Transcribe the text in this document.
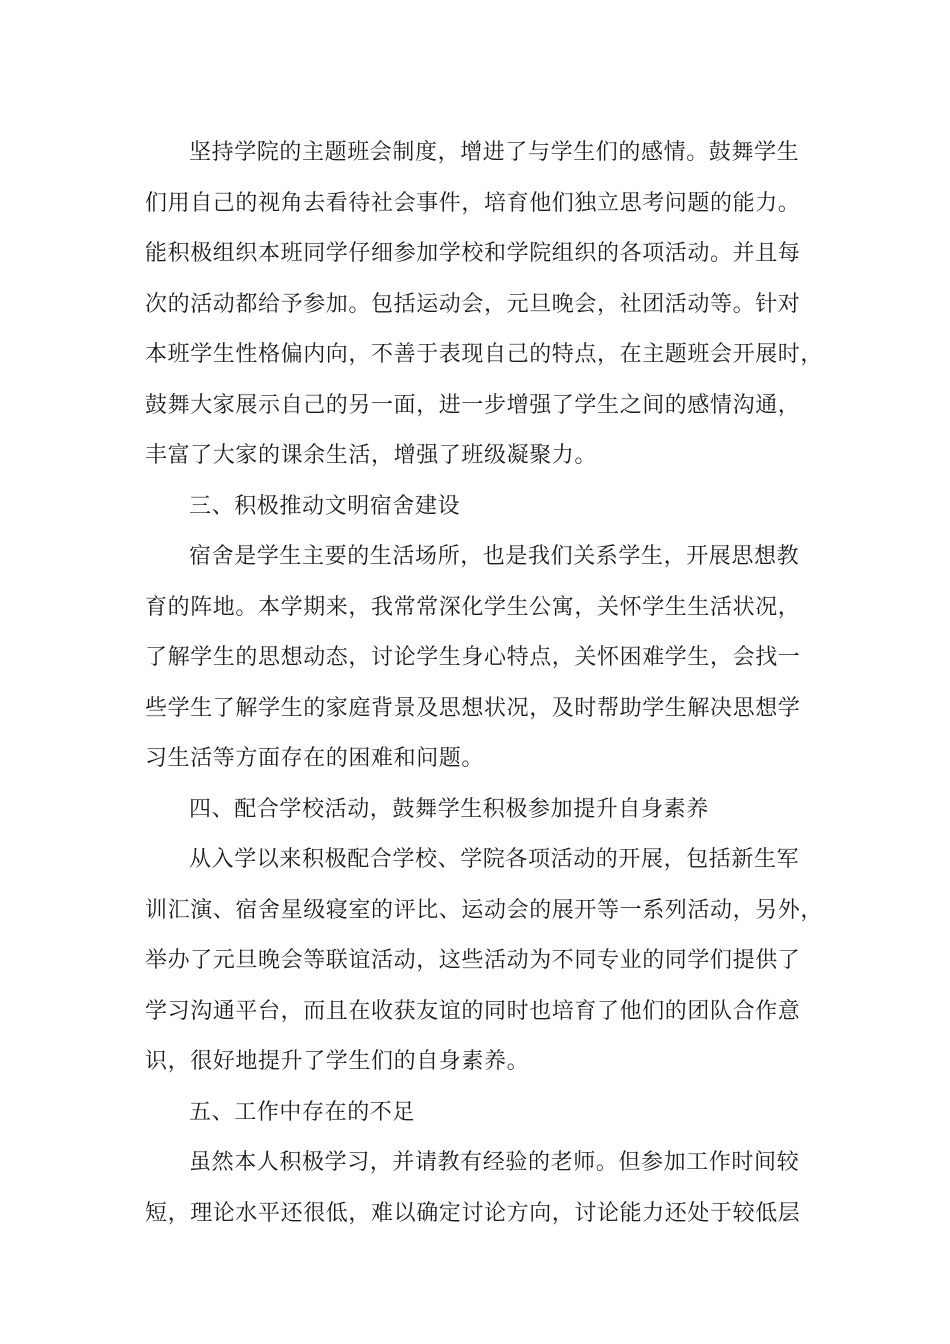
坚持学院的主题班会制度，增进了与学生们的感情。鼓舞学生
们用自己的视角去看待社会事件，培育他们独立思考问题的能力。
能积极组织本班同学仔细参加学校和学院组织的各项活动。并且每
次的活动都给予参加。包括运动会，元旦晚会，社团活动等。针对
本班学生性格偏内向，不善于表现自己的特点，在主题班会开展时，
鼓舞大家展示自己的另一面，进一步增强了学生之间的感情沟通，
丰富了大家的课余生活，增强了班级凝聚力。
三、积极推动文明宿舍建设
宿舍是学生主要的生活场所，也是我们关系学生，开展思想教
育的阵地。本学期来，我常常深化学生公寓，关怀学生生活状况，
了解学生的思想动态，讨论学生身心特点，关怀困难学生，会找一
些学生了解学生的家庭背景及思想状况，及时帮助学生解决思想学
习生活等方面存在的困难和问题。
四、配合学校活动，鼓舞学生积极参加提升自身素养
从入学以来积极配合学校、学院各项活动的开展，包括新生军
训汇演、宿舍星级寝室的评比、运动会的展开等一系列活动，另外，
举办了元旦晚会等联谊活动，这些活动为不同专业的同学们提供了
学习沟通平台，而且在收获友谊的同时也培育了他们的团队合作意
识，很好地提升了学生们的自身素养。
五、工作中存在的不足
虽然本人积极学习，并请教有经验的老师。但参加工作时间较
短，理论水平还很低，难以确定讨论方向，讨论能力还处于较低层
